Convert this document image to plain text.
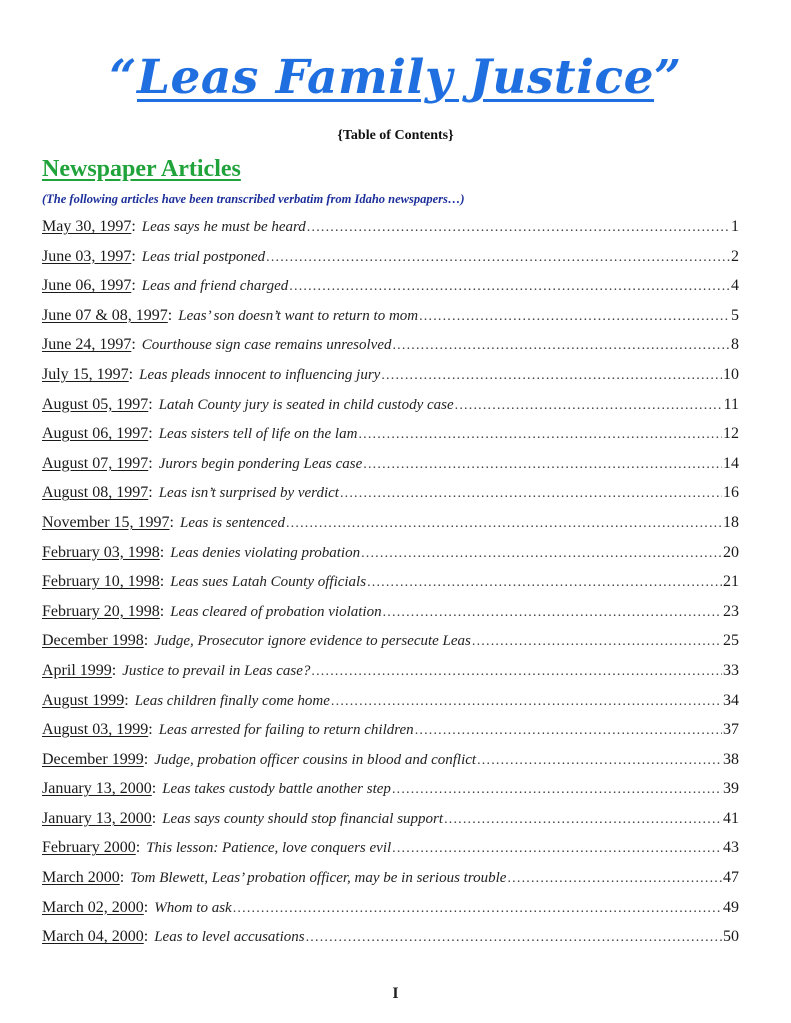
“Leas Family Justice”
{Table of Contents}
Newspaper Articles
(The following articles have been transcribed verbatim from Idaho newspapers…)
May 30, 1997 : Leas says he must be heard .....	1
June 03, 1997 : Leas trial postponed .....	2
June 06, 1997 : Leas and friend charged .....	4
June 07 & 08, 1997 : Leas’ son doesn’t want to return to mom .....	5
June 24, 1997 : Courthouse sign case remains unresolved .....	8
July 15, 1997 : Leas pleads innocent to influencing jury .....	10
August 05, 1997 : Latah County jury is seated in child custody case .....	11
August 06, 1997 : Leas sisters tell of life on the lam .....	12
August 07, 1997 : Jurors begin pondering Leas case .....	14
August 08, 1997 : Leas isn’t surprised by verdict .....	16
November 15, 1997 : Leas is sentenced .....	18
February 03, 1998 : Leas denies violating probation .....	20
February 10, 1998 : Leas sues Latah County officials .....	21
February 20, 1998 : Leas cleared of probation violation .....	23
December 1998 : Judge, Prosecutor ignore evidence to persecute Leas .....	25
April 1999 : Justice to prevail in Leas case? .....	33
August 1999 : Leas children finally come home .....	34
August 03, 1999 : Leas arrested for failing to return children .....	37
December 1999 : Judge, probation officer cousins in blood and conflict .....	38
January 13, 2000 : Leas takes custody battle another step .....	39
January 13, 2000 : Leas says county should stop financial support .....	41
February 2000 : This lesson: Patience, love conquers evil .....	43
March 2000 : Tom Blewett, Leas’ probation officer, may be in serious trouble .....	47
March 02, 2000 : Whom to ask .....	49
March 04, 2000 : Leas to level accusations .....	50
I
